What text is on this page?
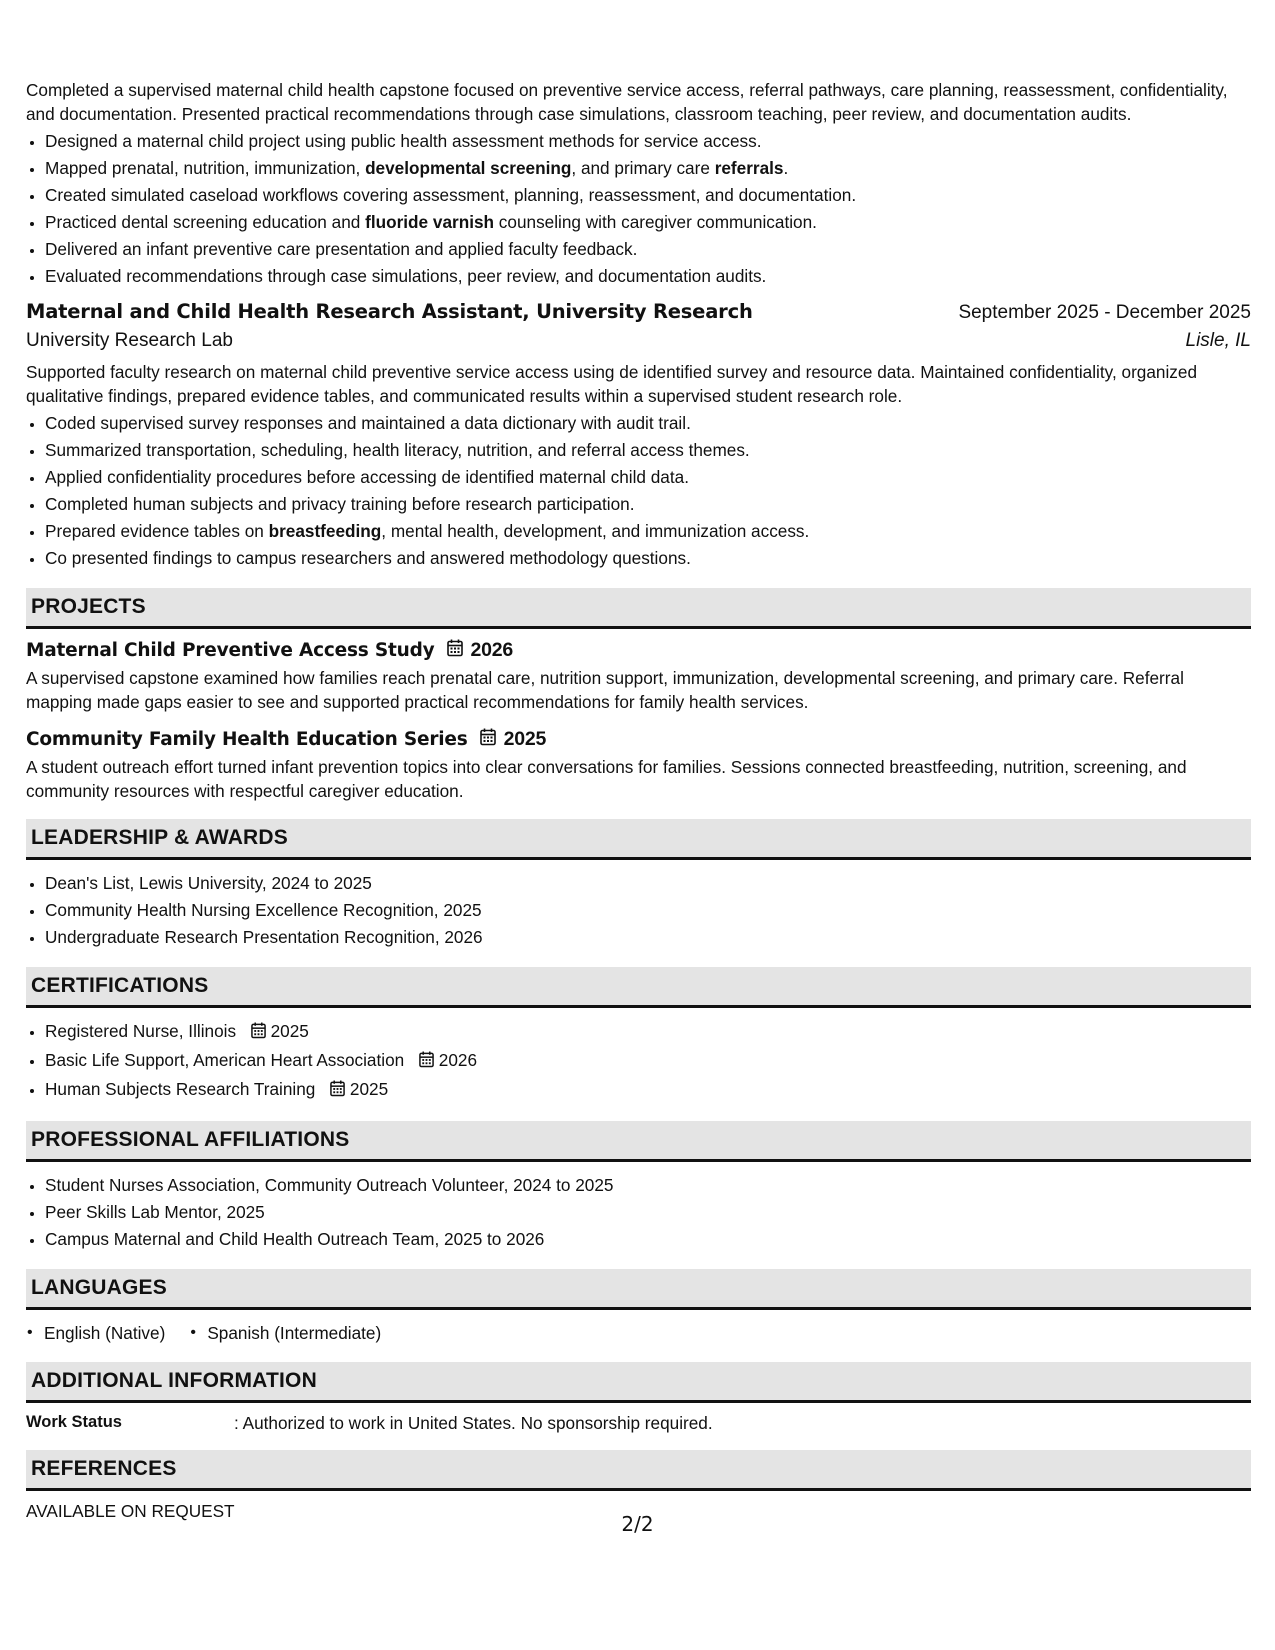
Completed a supervised maternal child health capstone focused on preventive service access, referral pathways, care planning, reassessment, confidentiality, and documentation. Presented practical recommendations through case simulations, classroom teaching, peer review, and documentation audits.

• Designed a maternal child project using public health assessment methods for service access.
• Mapped prenatal, nutrition, immunization, developmental screening, and primary care referrals.
• Created simulated caseload workflows covering assessment, planning, reassessment, and documentation.
• Practiced dental screening education and fluoride varnish counseling with caregiver communication.
• Delivered an infant preventive care presentation and applied faculty feedback.
• Evaluated recommendations through case simulations, peer review, and documentation audits.
Maternal and Child Health Research Assistant, University Research	September 2025 - December 2025
University Research Lab	Lisle, IL

Supported faculty research on maternal child preventive service access using de identified survey and resource data. Maintained confidentiality, organized qualitative findings, prepared evidence tables, and communicated results within a supervised student research role.

• Coded supervised survey responses and maintained a data dictionary with audit trail.
• Summarized transportation, scheduling, health literacy, nutrition, and referral access themes.
• Applied confidentiality procedures before accessing de identified maternal child data.
• Completed human subjects and privacy training before research participation.
• Prepared evidence tables on breastfeeding, mental health, development, and immunization access.
• Co presented findings to campus researchers and answered methodology questions.
PROJECTS
Maternal Child Preventive Access Study 2026

A supervised capstone examined how families reach prenatal care, nutrition support, immunization, developmental screening, and primary care. Referral mapping made gaps easier to see and supported practical recommendations for family health services.

Community Family Health Education Series 2025

A student outreach effort turned infant prevention topics into clear conversations for families. Sessions connected breastfeeding, nutrition, screening, and community resources with respectful caregiver education.

LEADERSHIP & AWARDS
• Dean's List, Lewis University, 2024 to 2025
• Community Health Nursing Excellence Recognition, 2025
• Undergraduate Research Presentation Recognition, 2026
CERTIFICATIONS
• Registered Nurse, Illinois 2025
• Basic Life Support, American Heart Association 2026
• Human Subjects Research Training 2025
PROFESSIONAL AFFILIATIONS
• Student Nurses Association, Community Outreach Volunteer, 2024 to 2025
• Peer Skills Lab Mentor, 2025
• Campus Maternal and Child Health Outreach Team, 2025 to 2026
LANGUAGES
• English (Native)
•	Spanish (Intermediate)
ADDITIONAL INFORMATION
Work Status	: Authorized to work in United States. No sponsorship required.
REFERENCES
AVAILABLE ON REQUEST
2/2
